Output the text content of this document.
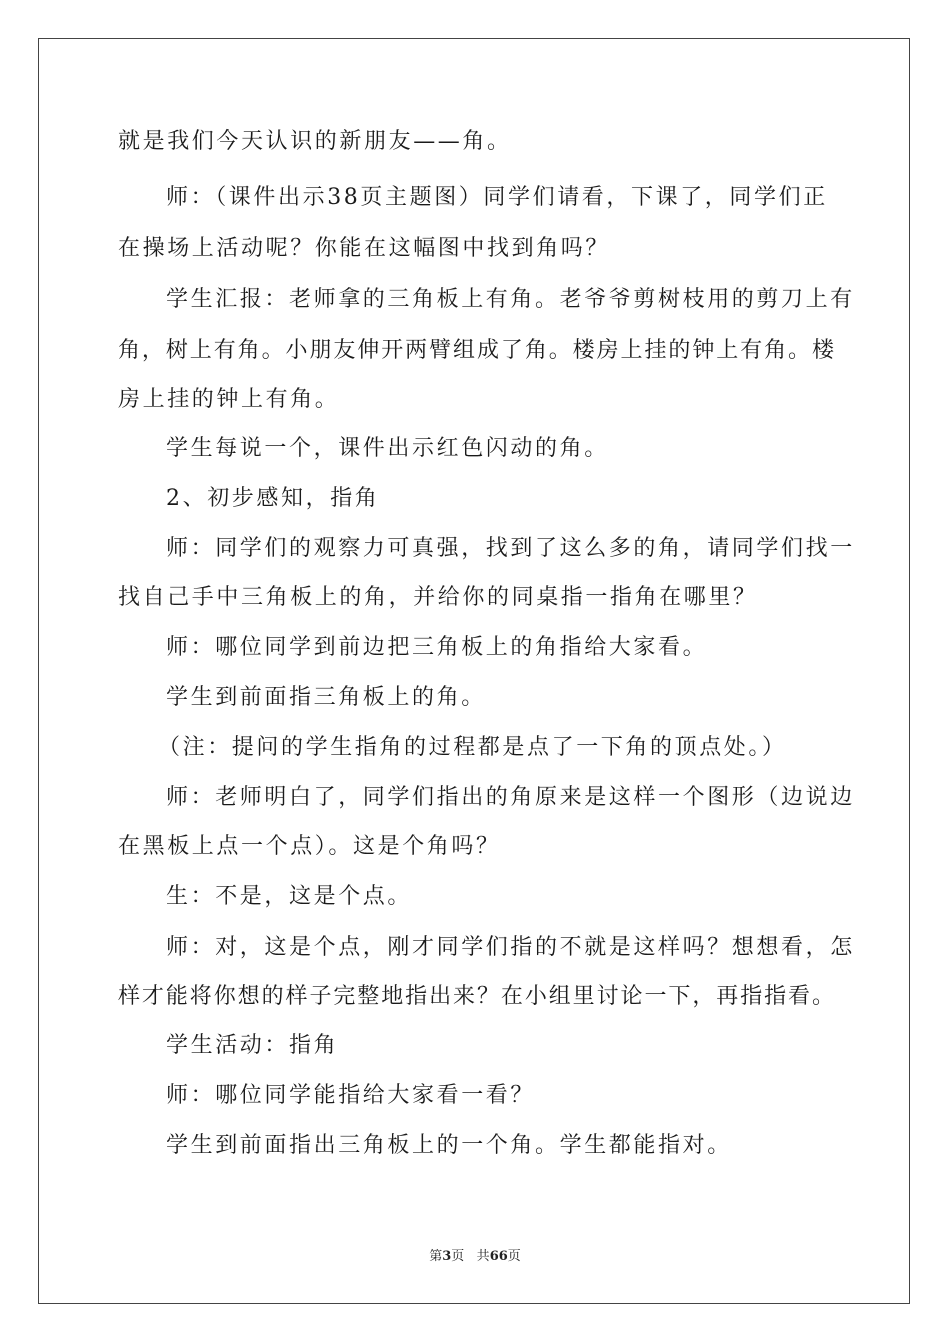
就是我们今天认识的新朋友——角。
师：（课件出示38页主题图）同学们请看，下课了，同学们正
在操场上活动呢？你能在这幅图中找到角吗？
学生汇报：老师拿的三角板上有角。老爷爷剪树枝用的剪刀上有
角，树上有角。小朋友伸开两臂组成了角。楼房上挂的钟上有角。楼
房上挂的钟上有角。
学生每说一个，课件出示红色闪动的角。
2、初步感知，指角
师：同学们的观察力可真强，找到了这么多的角，请同学们找一
找自己手中三角板上的角，并给你的同桌指一指角在哪里？
师：哪位同学到前边把三角板上的角指给大家看。
学生到前面指三角板上的角。
（注：提问的学生指角的过程都是点了一下角的顶点处。）
师：老师明白了，同学们指出的角原来是这样一个图形（边说边
在黑板上点一个点）。这是个角吗？
生：不是，这是个点。
师：对，这是个点，刚才同学们指的不就是这样吗？想想看，怎
样才能将你想的样子完整地指出来？在小组里讨论一下，再指指看。
学生活动：指角
师：哪位同学能指给大家看一看？
学生到前面指出三角板上的一个角。学生都能指对。
第3页 共66页
